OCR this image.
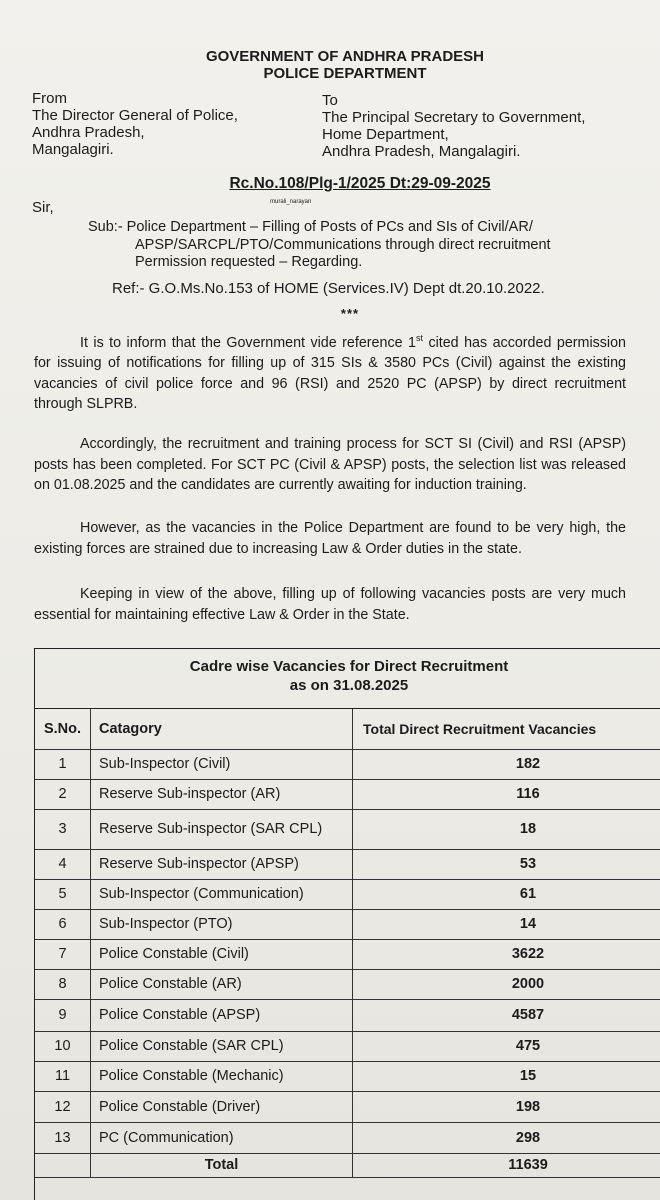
GOVERNMENT OF ANDHRA PRADESH
POLICE DEPARTMENT
From
The Director General of Police,
Andhra Pradesh,
Mangalagiri.
To
The Principal Secretary to Government,
Home Department,
Andhra Pradesh, Mangalagiri.
Rc.No.108/Plg-1/2025 Dt:29-09-2025
murali_narayan
Sir,
Sub:- Police Department – Filling of Posts of PCs and SIs of Civil/AR/
APSP/SARCPL/PTO/Communications through direct recruitment
Permission requested – Regarding.
Ref:- G.O.Ms.No.153 of HOME (Services.IV) Dept dt.20.10.2022.
***
It is to inform that the Government vide reference 1st cited has accorded permission for issuing of notifications for filling up of 315 SIs & 3580 PCs (Civil) against the existing vacancies of civil police force and 96 (RSI) and 2520 PC (APSP) by direct recruitment through SLPRB.
Accordingly, the recruitment and training process for SCT SI (Civil) and RSI (APSP) posts has been completed. For SCT PC (Civil & APSP) posts, the selection list was released on 01.08.2025 and the candidates are currently awaiting for induction training.
However, as the vacancies in the Police Department are found to be very high, the existing forces are strained due to increasing Law & Order duties in the state.
Keeping in view of the above, filling up of following vacancies posts are very much essential for maintaining effective Law & Order in the State.
Cadre wise Vacancies for Direct Recruitment
as on 31.08.2025
S.No.	Catagory	Total Direct Recruitment Vacancies
1	Sub-Inspector (Civil)	182
2	Reserve Sub-inspector (AR)	116
3	Reserve Sub-inspector (SAR CPL)	18
4	Reserve Sub-inspector (APSP)	53
5	Sub-Inspector (Communication)	61
6	Sub-Inspector (PTO)	14
7	Police Constable (Civil)	3622
8	Police Constable (AR)	2000
9	Police Constable (APSP)	4587
10	Police Constable (SAR CPL)	475
11	Police Constable (Mechanic)	15
12	Police Constable (Driver)	198
13	PC (Communication)	298
Total	11639
